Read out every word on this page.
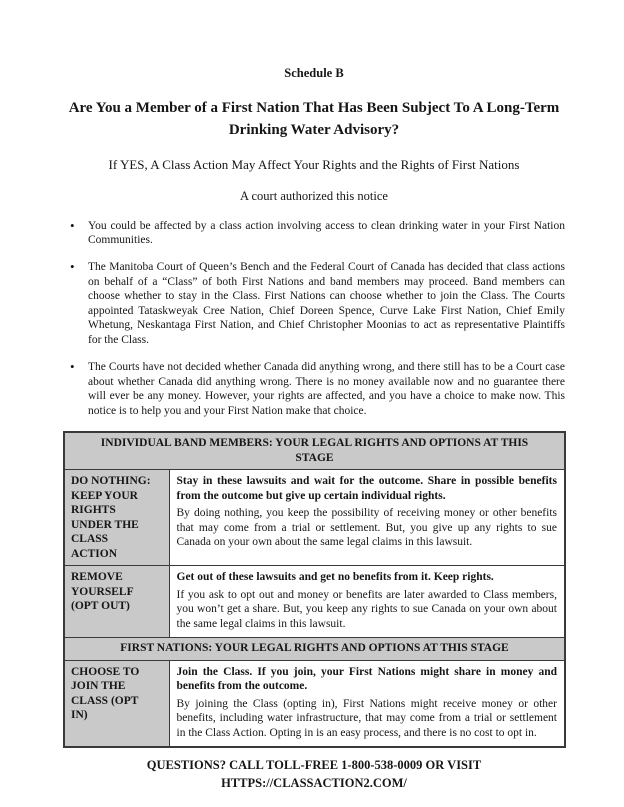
Schedule B
Are You a Member of a First Nation That Has Been Subject To A Long-Term Drinking Water Advisory?
If YES, A Class Action May Affect Your Rights and the Rights of First Nations
A court authorized this notice
• You could be affected by a class action involving access to clean drinking water in your First Nation Communities.
• The Manitoba Court of Queen’s Bench and the Federal Court of Canada has decided that class actions on behalf of a “Class” of both First Nations and band members may proceed. Band members can choose whether to stay in the Class. First Nations can choose whether to join the Class. The Courts appointed Tataskweyak Cree Nation, Chief Doreen Spence, Curve Lake First Nation, Chief Emily Whetung, Neskantaga First Nation, and Chief Christopher Moonias to act as representative Plaintiffs for the Class.
• The Courts have not decided whether Canada did anything wrong, and there still has to be a Court case about whether Canada did anything wrong. There is no money available now and no guarantee there will ever be any money. However, your rights are affected, and you have a choice to make now. This notice is to help you and your First Nation make that choice.
INDIVIDUAL BAND MEMBERS: YOUR LEGAL RIGHTS AND OPTIONS AT THIS STAGE	
DO NOTHING: KEEP YOUR RIGHTS UNDER THE CLASS ACTION	Stay in these lawsuits and wait for the outcome. Share in possible benefits from the outcome but give up certain individual rights.

By doing nothing, you keep the possibility of receiving money or other benefits that may come from a trial or settlement. But, you give up any rights to sue Canada on your own about the same legal claims in this lawsuit.

REMOVE YOURSELF (OPT OUT)	Get out of these lawsuits and get no benefits from it. Keep rights.

If you ask to opt out and money or benefits are later awarded to Class members, you won’t get a share. But, you keep any rights to sue Canada on your own about the same legal claims in this lawsuit.

FIRST NATIONS: YOUR LEGAL RIGHTS AND OPTIONS AT THIS STAGE	
CHOOSE TO JOIN THE CLASS (OPT IN)	Join the Class. If you join, your First Nations might share in money and benefits from the outcome.

By joining the Class (opting in), First Nations might receive money or other benefits, including water infrastructure, that may come from a trial or settlement in the Class Action. Opting in is an easy process, and there is no cost to opt in.

QUESTIONS? CALL TOLL-FREE 1-800-538-0009 OR VISIT
HTTPS://CLASSACTION2.COM/
